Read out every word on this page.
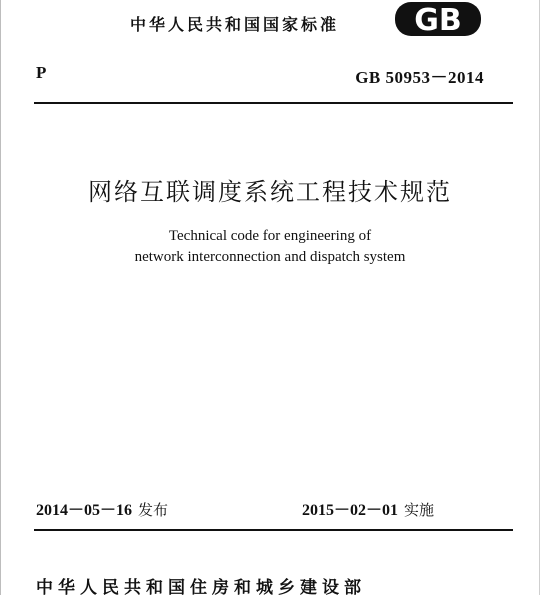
中华人民共和国国家标准	GB
P	GB 50953－2014
网络互联调度系统工程技术规范
Technical code for engineering of
network interconnection and dispatch system
2014－05－16 发布	2015－02－01 实施
中华人民共和国住房和城乡建设部
